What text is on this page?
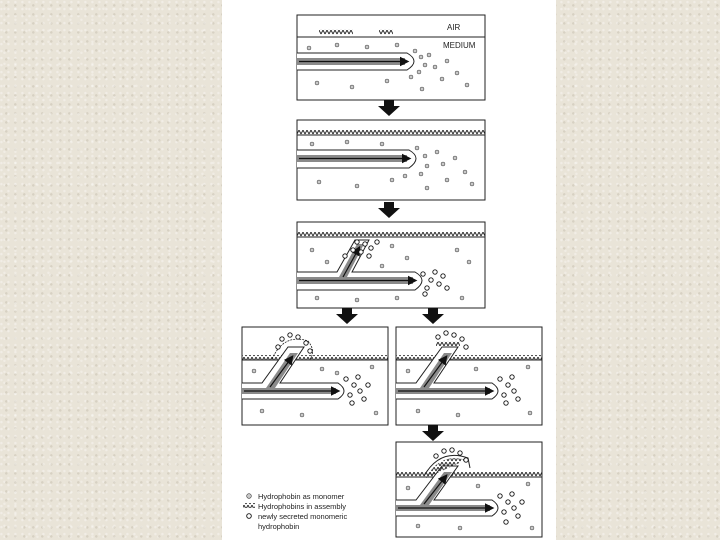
AIR
MEDIUM
Hydrophobin as monomer
Hydrophobins in assembly
newly secreted monomeric
hydrophobin
